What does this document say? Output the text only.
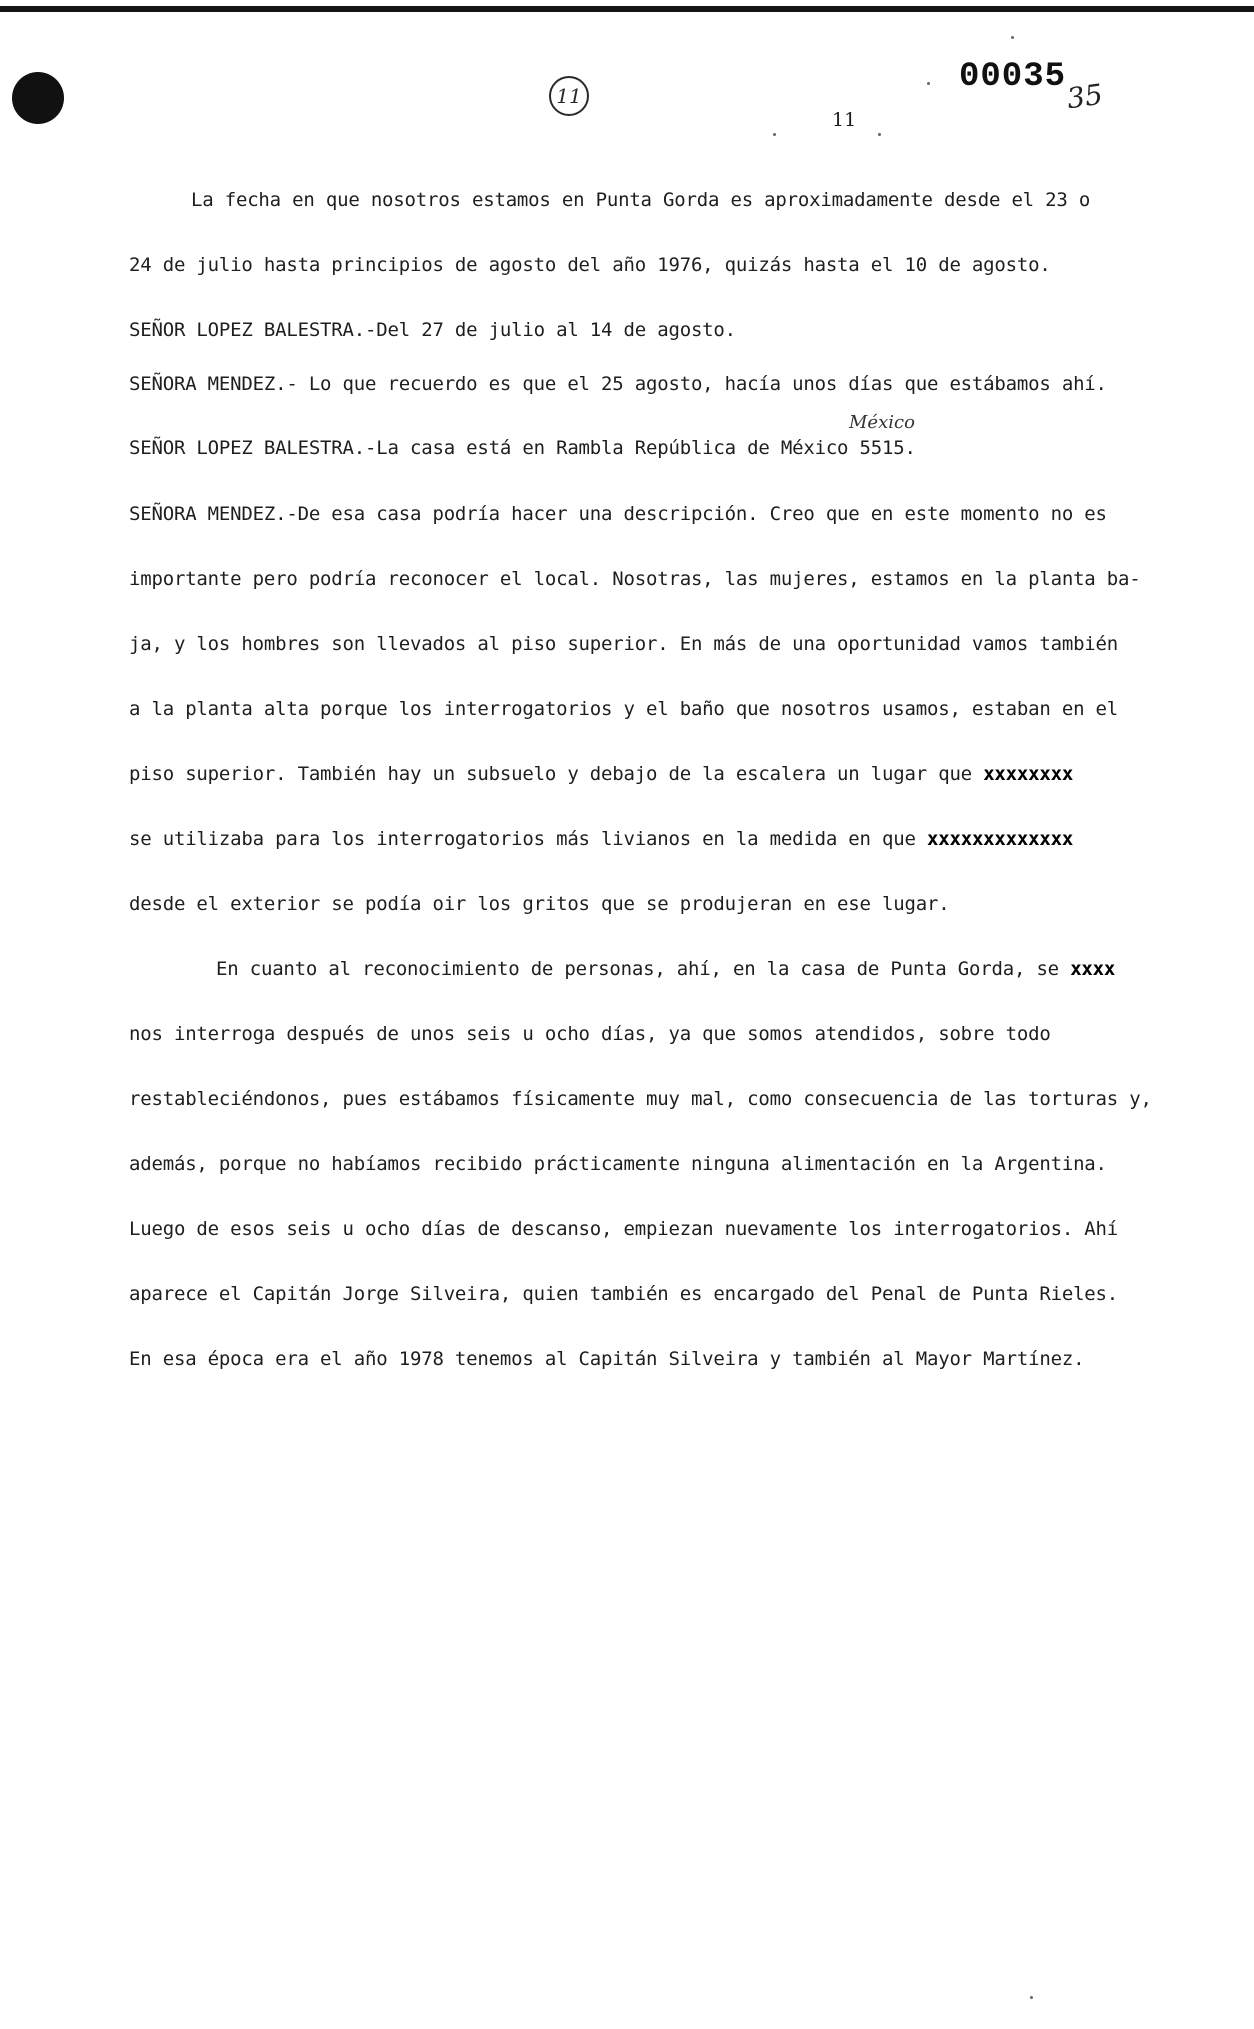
11
11
00035
35
México
La fecha en que nosotros estamos en Punta Gorda es aproximadamente desde el 23 o
24 de julio hasta principios de agosto del año 1976, quizás hasta el 10 de agosto.
SEÑOR LOPEZ BALESTRA.-Del 27 de julio al 14 de agosto.
SEÑORA MENDEZ.- Lo que recuerdo es que el 25 agosto, hacía unos días que estábamos ahí.
SEÑOR LOPEZ BALESTRA.-La casa está en Rambla República de México 5515.
SEÑORA MENDEZ.-De esa casa podría hacer una descripción. Creo que en este momento no es
importante pero podría reconocer el local. Nosotras, las mujeres, estamos en la planta ba-
ja, y los hombres son llevados al piso superior. En más de una oportunidad vamos también
a la planta alta porque los interrogatorios y el baño que nosotros usamos, estaban en el
piso superior. También hay un subsuelo y debajo de la escalera un lugar que xxxxxxxx
se utilizaba para los interrogatorios más livianos en la medida en que xxxxxxxxxxxxx
desde el exterior se podía oir los gritos que se produjeran en ese lugar.
En cuanto al reconocimiento de personas, ahí, en la casa de Punta Gorda, se xxxx
nos interroga después de unos seis u ocho días, ya que somos atendidos, sobre todo
restableciéndonos, pues estábamos físicamente muy mal, como consecuencia de las torturas y,
además, porque no habíamos recibido prácticamente ninguna alimentación en la Argentina.
Luego de esos seis u ocho días de descanso, empiezan nuevamente los interrogatorios. Ahí
aparece el Capitán Jorge Silveira, quien también es encargado del Penal de Punta Rieles.
En esa época era el año 1978 tenemos al Capitán Silveira y también al Mayor Martínez.
